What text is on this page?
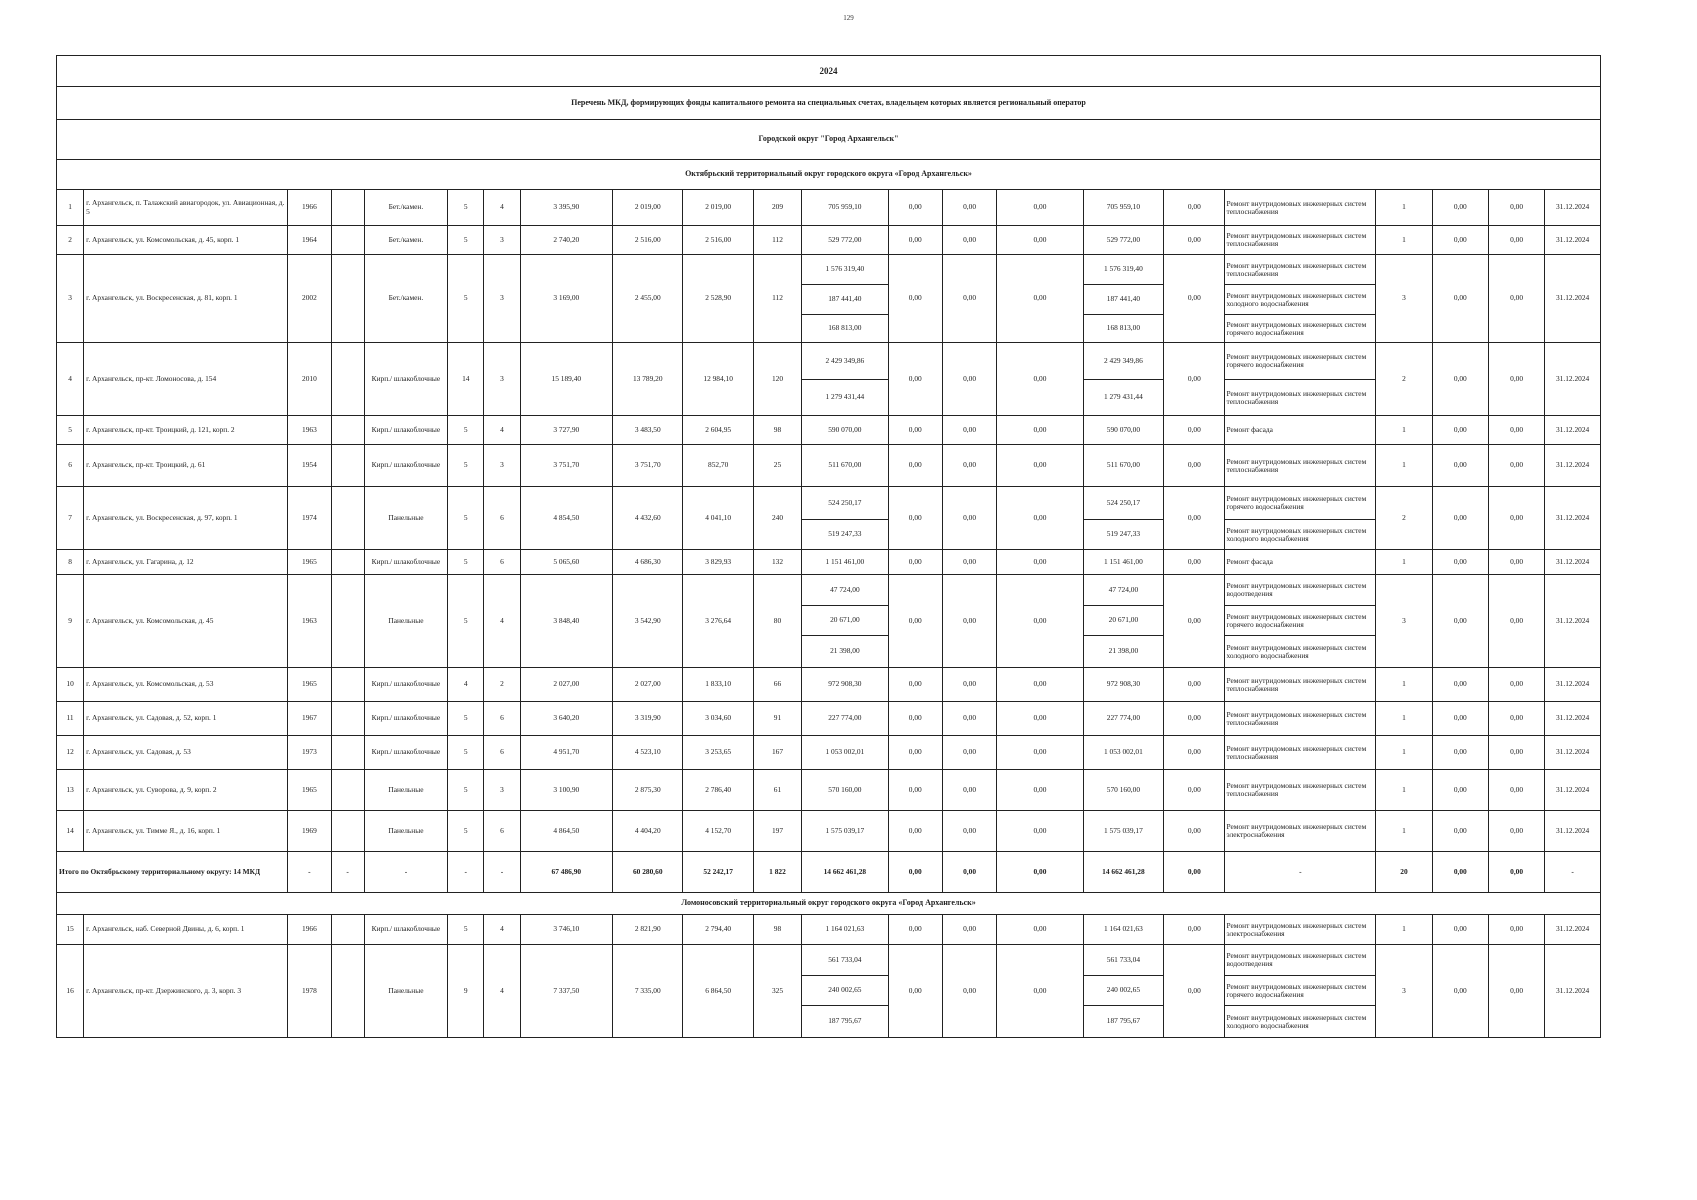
129
2024																					
Перечень МКД, формирующих фонды капитального ремонта на специальных счетах, владельцем которых является региональный оператор																					
Городской округ "Город Архангельск"																					
Октябрьский территориальный округ городского округа «Город Архангельск»																					
1	г. Архангельск, п. Талажский авиагородок, ул. Авиационная, д. 5	1966		Бет./камен.	5	4	3 395,90	2 019,00	2 019,00	209	705 959,10	0,00	0,00	0,00	705 959,10	0,00	Ремонт внутридомовых инженерных систем теплоснабжения	1	0,00	0,00	31.12.2024
2	г. Архангельск, ул. Комсомольская, д. 45, корп. 1	1964		Бет./камен.	5	3	2 740,20	2 516,00	2 516,00	112	529 772,00	0,00	0,00	0,00	529 772,00	0,00	Ремонт внутридомовых инженерных систем теплоснабжения	1	0,00	0,00	31.12.2024
3	г. Архангельск, ул. Воскресенская, д. 81, корп. 1	2002		Бет./камен.	5	3	3 169,00	2 455,00	2 528,90	112	1 576 319,40	0,00	0,00	0,00	1 576 319,40	0,00	Ремонт внутридомовых инженерных систем теплоснабжения	3	0,00	0,00	31.12.2024
											187 441,40				187 441,40		Ремонт внутридомовых инженерных систем холодного водоснабжения				
											168 813,00				168 813,00		Ремонт внутридомовых инженерных систем горячего водоснабжения				
4	г. Архангельск, пр-кт. Ломоносова, д. 154	2010		Кирп./ шлакоблочные	14	3	15 189,40	13 789,20	12 984,10	120	2 429 349,86	0,00	0,00	0,00	2 429 349,86	0,00	Ремонт внутридомовых инженерных систем горячего водоснабжения	2	0,00	0,00	31.12.2024
											1 279 431,44				1 279 431,44		Ремонт внутридомовых инженерных систем теплоснабжения				
5	г. Архангельск, пр-кт. Троицкий, д. 121, корп. 2	1963		Кирп./ шлакоблочные	5	4	3 727,90	3 483,50	2 604,95	98	590 070,00	0,00	0,00	0,00	590 070,00	0,00	Ремонт фасада	1	0,00	0,00	31.12.2024
6	г. Архангельск, пр-кт. Троицкий, д. 61	1954		Кирп./ шлакоблочные	5	3	3 751,70	3 751,70	852,70	25	511 670,00	0,00	0,00	0,00	511 670,00	0,00	Ремонт внутридомовых инженерных систем теплоснабжения	1	0,00	0,00	31.12.2024
7	г. Архангельск, ул. Воскресенская, д. 97, корп. 1	1974		Панельные	5	6	4 854,50	4 432,60	4 041,10	240	524 250,17	0,00	0,00	0,00	524 250,17	0,00	Ремонт внутридомовых инженерных систем горячего водоснабжения	2	0,00	0,00	31.12.2024
											519 247,33				519 247,33		Ремонт внутридомовых инженерных систем холодного водоснабжения				
8	г. Архангельск, ул. Гагарина, д. 12	1965		Кирп./ шлакоблочные	5	6	5 065,60	4 686,30	3 829,93	132	1 151 461,00	0,00	0,00	0,00	1 151 461,00	0,00	Ремонт фасада	1	0,00	0,00	31.12.2024
9	г. Архангельск, ул. Комсомольская, д. 45	1963		Панельные	5	4	3 848,40	3 542,90	3 276,64	80	47 724,00	0,00	0,00	0,00	47 724,00	0,00	Ремонт внутридомовых инженерных систем водоотведения	3	0,00	0,00	31.12.2024
											20 671,00				20 671,00		Ремонт внутридомовых инженерных систем горячего водоснабжения				
											21 398,00				21 398,00		Ремонт внутридомовых инженерных систем холодного водоснабжения				
10	г. Архангельск, ул. Комсомольская, д. 53	1965		Кирп./ шлакоблочные	4	2	2 027,00	2 027,00	1 833,10	66	972 908,30	0,00	0,00	0,00	972 908,30	0,00	Ремонт внутридомовых инженерных систем теплоснабжения	1	0,00	0,00	31.12.2024
11	г. Архангельск, ул. Садовая, д. 52, корп. 1	1967		Кирп./ шлакоблочные	5	6	3 640,20	3 319,90	3 034,60	91	227 774,00	0,00	0,00	0,00	227 774,00	0,00	Ремонт внутридомовых инженерных систем теплоснабжения	1	0,00	0,00	31.12.2024
12	г. Архангельск, ул. Садовая, д. 53	1973		Кирп./ шлакоблочные	5	6	4 951,70	4 523,10	3 253,65	167	1 053 002,01	0,00	0,00	0,00	1 053 002,01	0,00	Ремонт внутридомовых инженерных систем теплоснабжения	1	0,00	0,00	31.12.2024
13	г. Архангельск, ул. Суворова, д. 9, корп. 2	1965		Панельные	5	3	3 100,90	2 875,30	2 786,40	61	570 160,00	0,00	0,00	0,00	570 160,00	0,00	Ремонт внутридомовых инженерных систем теплоснабжения	1	0,00	0,00	31.12.2024
14	г. Архангельск, ул. Тимме Я., д. 16, корп. 1	1969		Панельные	5	6	4 864,50	4 404,20	4 152,70	197	1 575 039,17	0,00	0,00	0,00	1 575 039,17	0,00	Ремонт внутридомовых инженерных систем электроснабжения	1	0,00	0,00	31.12.2024
Итого по Октябрьскому территориальному округу: 14 МКД		-	-	-	-	-	67 486,90	60 280,60	52 242,17	1 822	14 662 461,28	0,00	0,00	0,00	14 662 461,28	0,00	-	20	0,00	0,00	-
Ломоносовский территориальный округ городского округа «Город Архангельск»																					
15	г. Архангельск, наб. Северной Двины, д. 6, корп. 1	1966		Кирп./ шлакоблочные	5	4	3 746,10	2 821,90	2 794,40	98	1 164 021,63	0,00	0,00	0,00	1 164 021,63	0,00	Ремонт внутридомовых инженерных систем электроснабжения	1	0,00	0,00	31.12.2024
16	г. Архангельск, пр-кт. Дзержинского, д. 3, корп. 3	1978		Панельные	9	4	7 337,50	7 335,00	6 864,50	325	561 733,04	0,00	0,00	0,00	561 733,04	0,00	Ремонт внутридомовых инженерных систем водоотведения	3	0,00	0,00	31.12.2024
											240 002,65				240 002,65		Ремонт внутридомовых инженерных систем горячего водоснабжения				
											187 795,67				187 795,67		Ремонт внутридомовых инженерных систем холодного водоснабжения				
